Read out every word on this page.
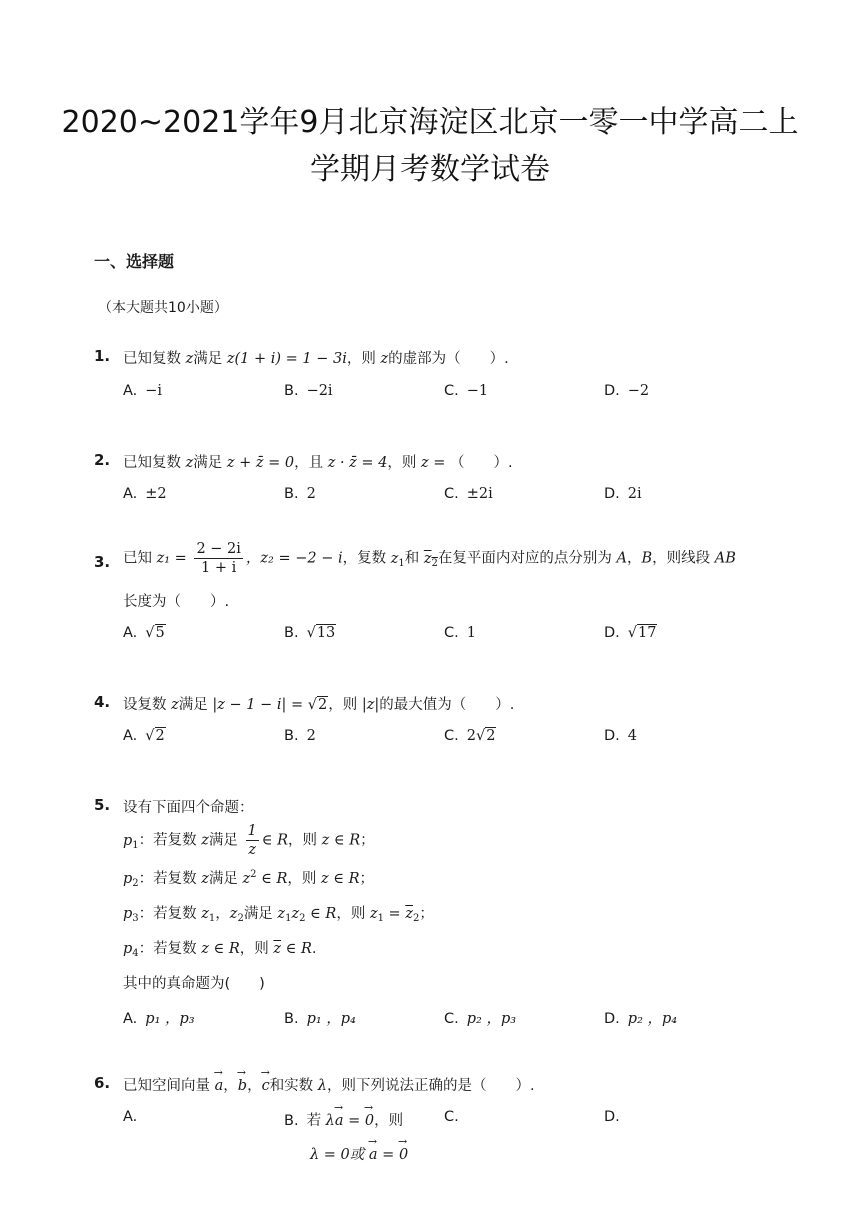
2020~2021学年9月北京海淀区北京一零一中学高二上
学期月考数学试卷
一、选择题
（本大题共10小题）
1. 已知复数 z满足 z(1 + i) = 1 − 3i，则 z的虚部为（　　）.
A. −i	B. −2i	C. −1	D. −2
2. 已知复数 z满足 z + z̄ = 0，且 z · z̄ = 4，则 z = （　　）.
A. ±2	B. 2	C. ±2i	D. 2i
3. 已知 $z_1 = \frac{2 - 2i}{1 + i}$ ，z₂ = −2 − i，复数 $z_1$和 $z_2$在复平面内对应的点分别为 A，B，则线段 AB
长度为（　　）.
A. √5	B. √13	C. 1	D. √17
4. 设复数 z满足 |z − 1 − i| = √2，则 |z|的最大值为（　　）.
A. √2	B. 2	C. 2√2	D. 4
5. 设有下面四个命题：
$p_1$：若复数 z满足 $\frac{1}{z}$ ∈ R，则 z ∈ R；
$p_2$：若复数 z满足 $z^2$ ∈ R，则 z ∈ R；
$p_3$：若复数 $z_1$，$z_2$满足 $z_1z_2$ ∈ R，则 $z_1 = \overline{z}_2$；
$p_4$：若复数 z ∈ R，则 $\overline{z}$ ∈ R.
其中的真命题为(　　)
A. p₁ ，p₃	B. p₁ ，p₄	C. p₂ ，p₃	D. p₂ ，p₄
6. 已知空间向量 → a，→ b，→ c和实数 λ，则下列说法正确的是（　　）.
A.	B. 若 λ→ a = → 0，则
λ = 0或 → a = → 0
C.	D.
